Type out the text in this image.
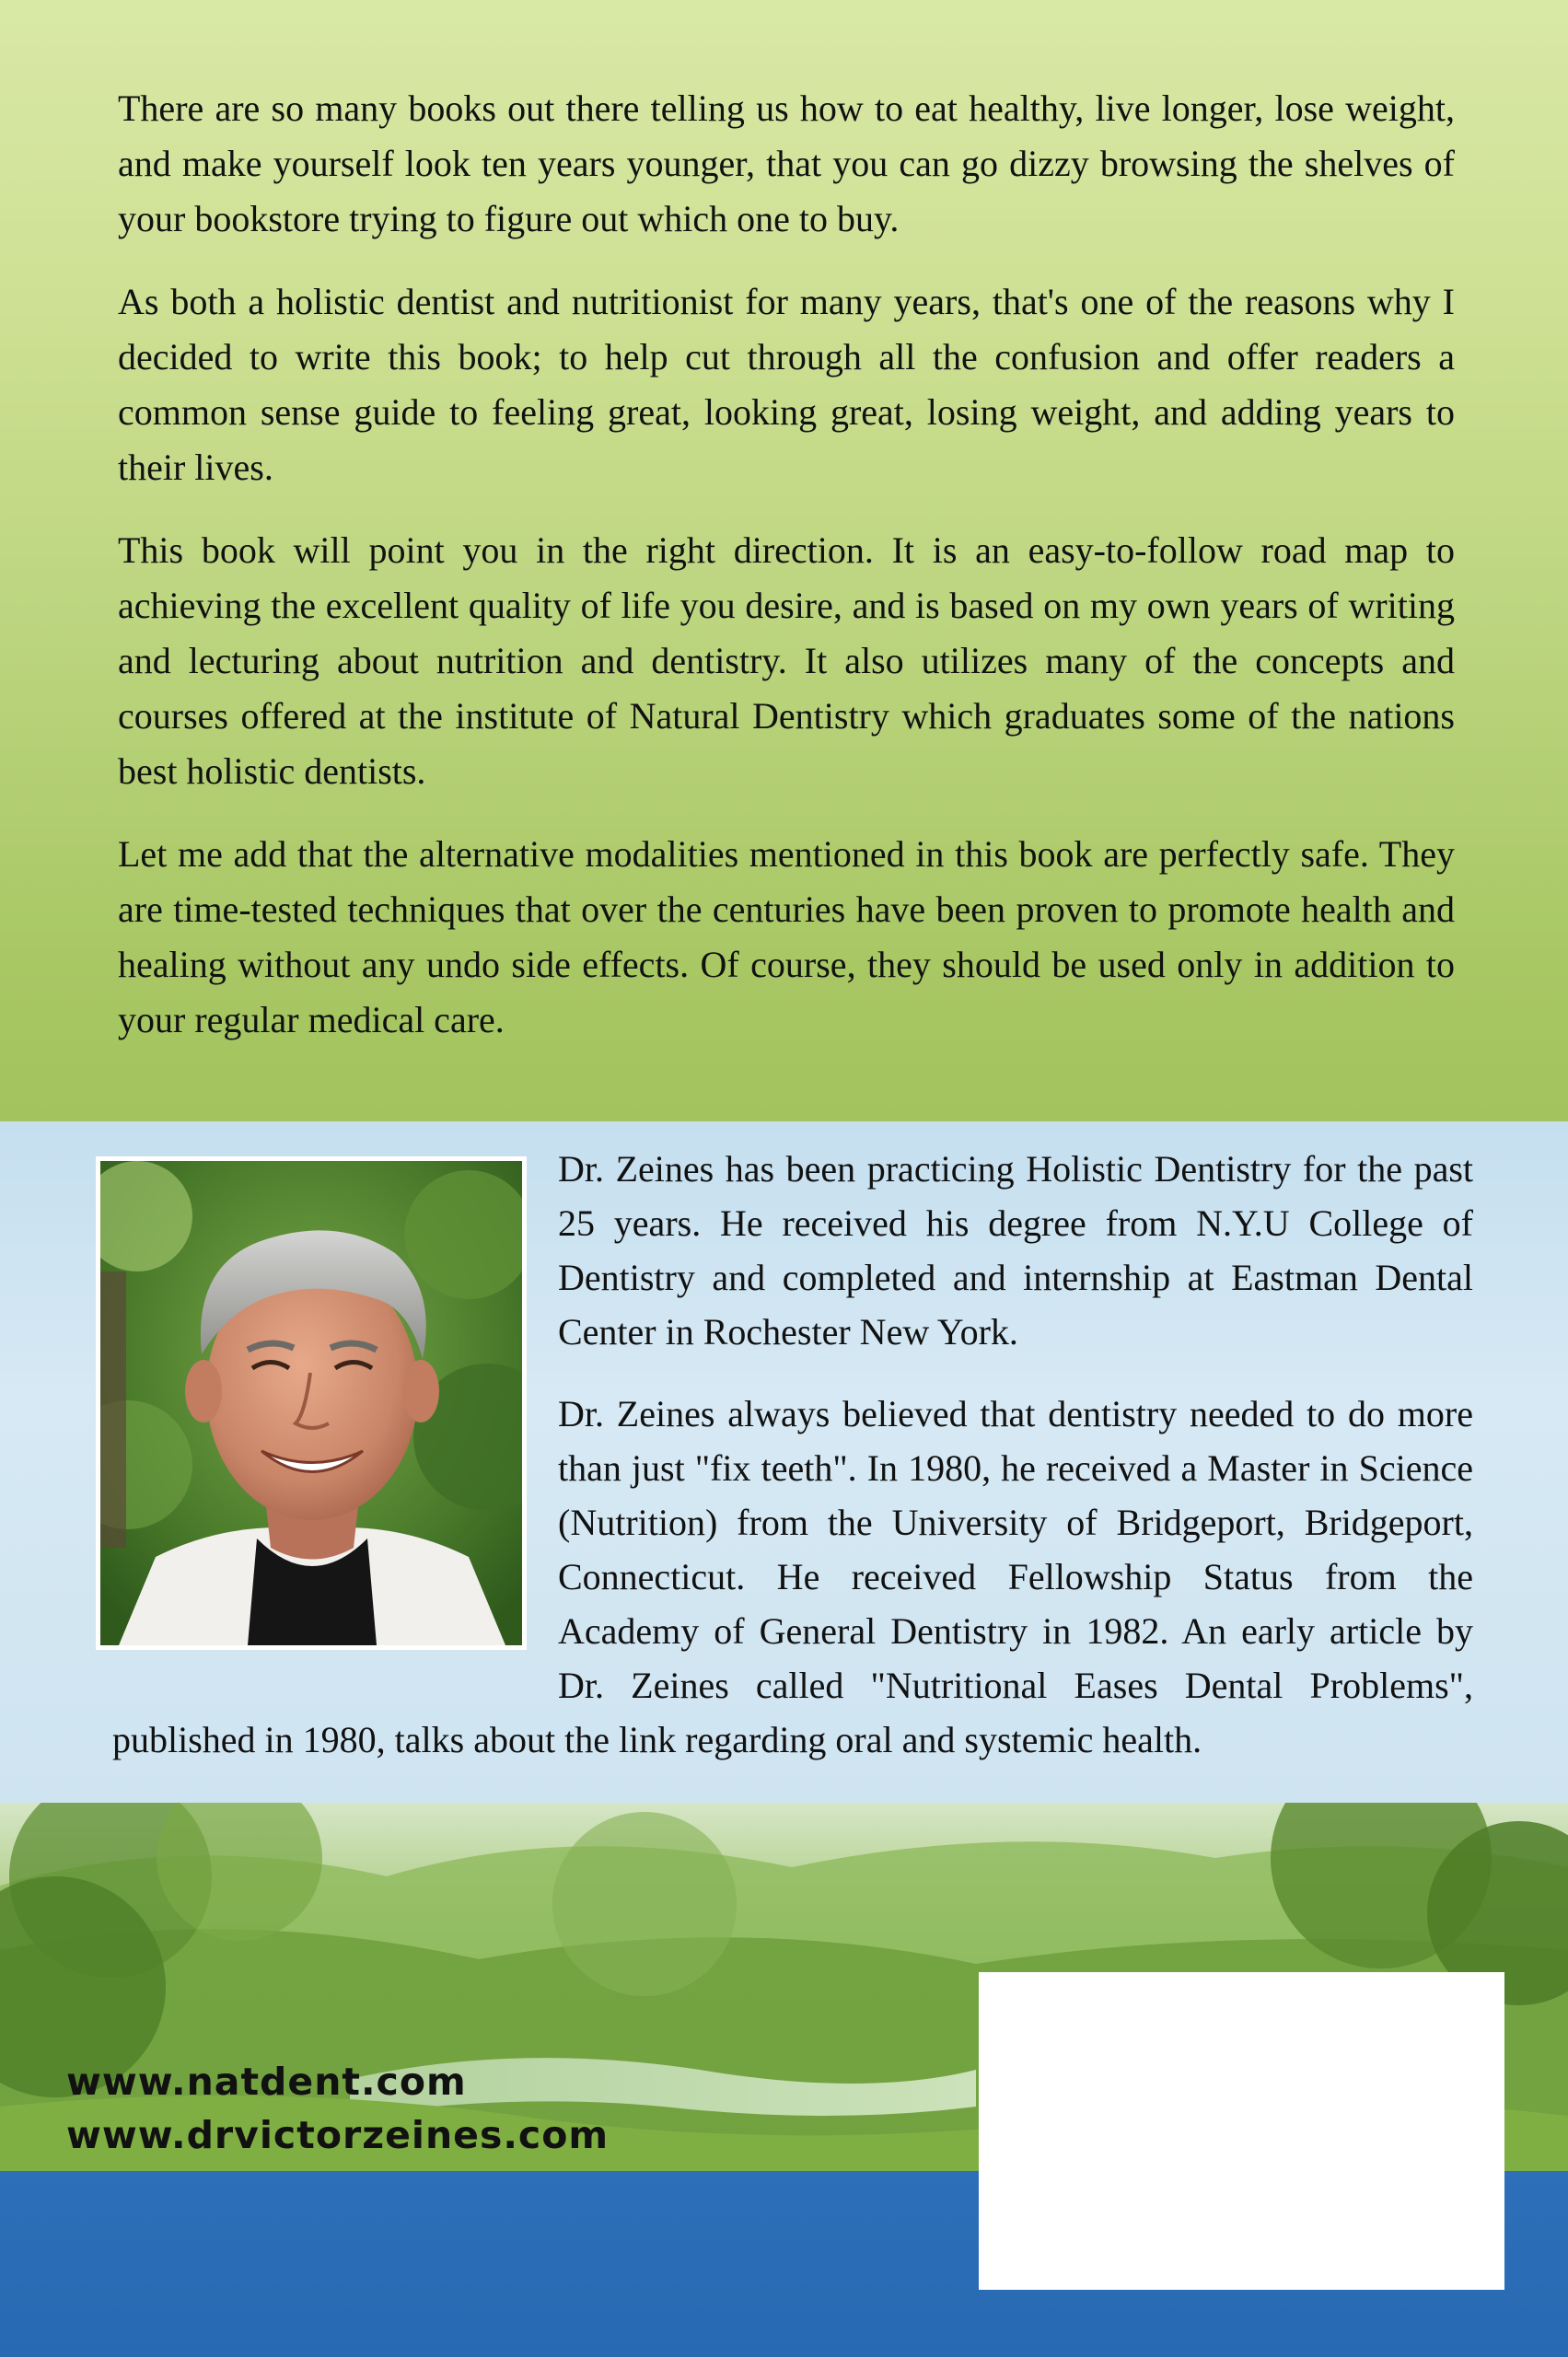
There are so many books out there telling us how to eat healthy, live longer, lose weight, and make yourself look ten years younger, that you can go dizzy browsing the shelves of your bookstore trying to figure out which one to buy.

As both a holistic dentist and nutritionist for many years, that's one of the reasons why I decided to write this book; to help cut through all the confusion and offer readers a common sense guide to feeling great, looking great, losing weight, and adding years to their lives.

This book will point you in the right direction. It is an easy-to-follow road map to achieving the excellent quality of life you desire, and is based on my own years of writing and lecturing about nutrition and dentistry. It also utilizes many of the concepts and courses offered at the institute of Natural Dentistry which graduates some of the nations best holistic dentists.

Let me add that the alternative modalities mentioned in this book are perfectly safe. They are time-tested techniques that over the centuries have been proven to promote health and healing without any undo side effects. Of course, they should be used only in addition to your regular medical care.

Dr. Zeines has been practicing Holistic Dentistry for the past 25 years. He received his degree from N.Y.U College of Dentistry and completed and internship at Eastman Dental Center in Rochester New York.

Dr. Zeines always believed that dentistry needed to do more than just "fix teeth". In 1980, he received a Master in Science (Nutrition) from the University of Bridgeport, Bridgeport, Connecticut. He received Fellowship Status from the Academy of General Dentistry in 1982. An early article by Dr. Zeines called "Nutritional Eases Dental Problems", published in 1980, talks about the link regarding oral and systemic health.

www.natdent.com
www.drvictorzeines.com
